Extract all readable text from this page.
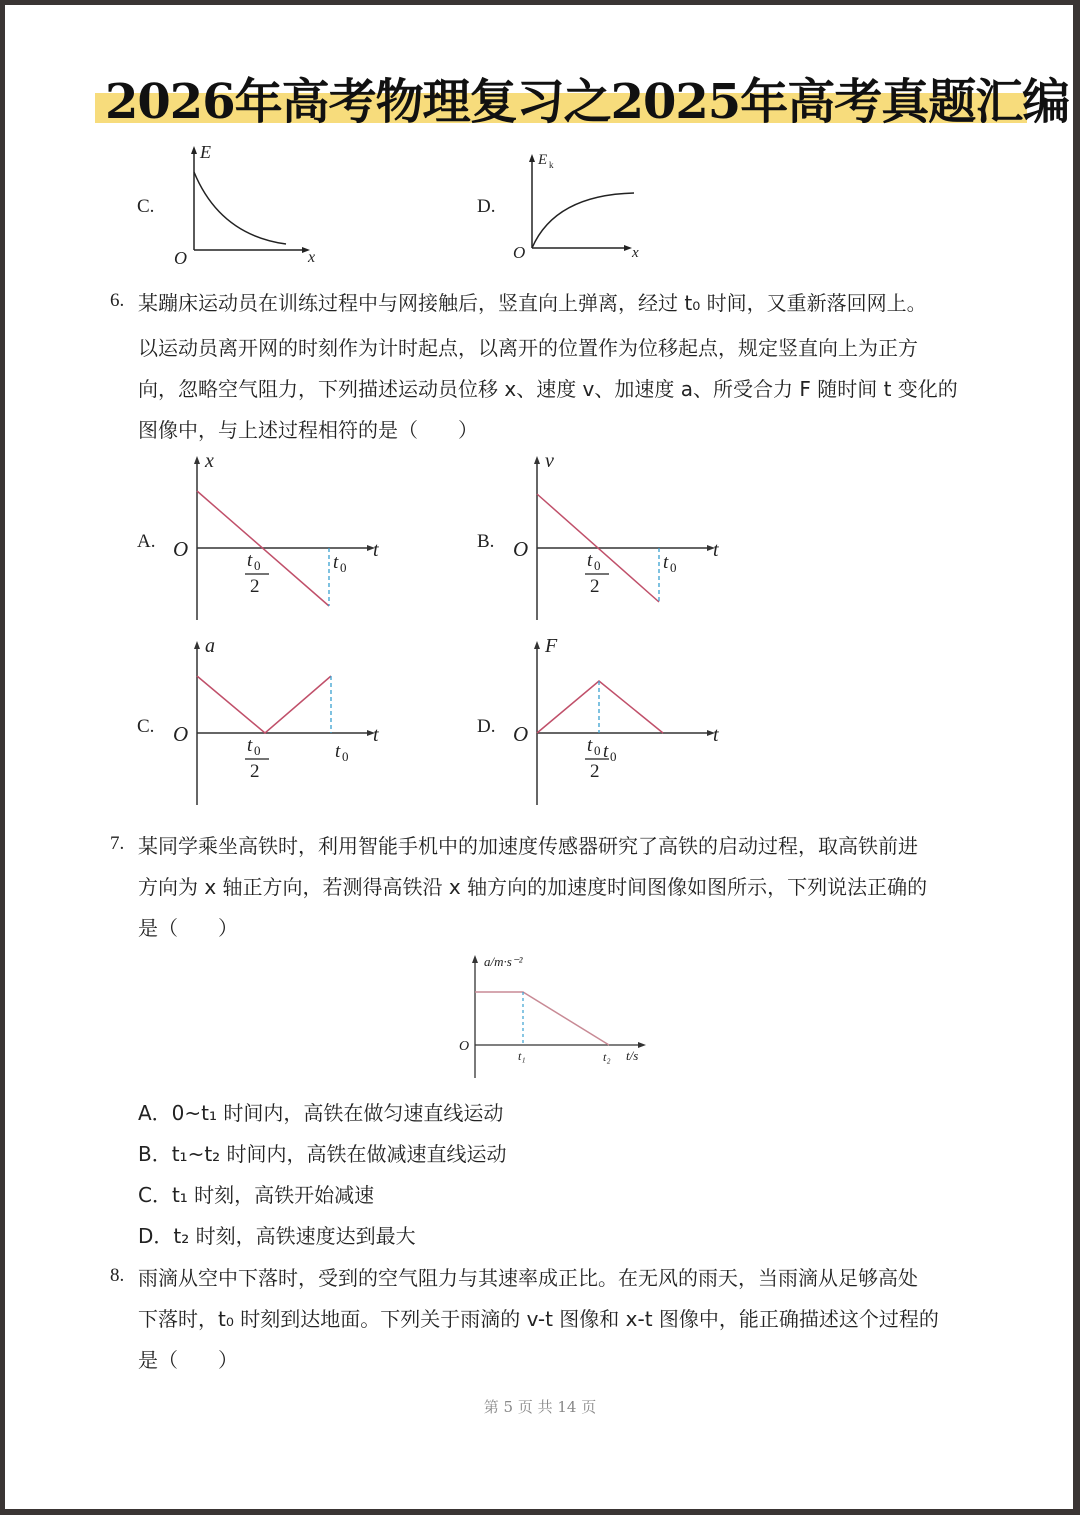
2026年高考物理复习之2025年高考真题汇编
C.
E
x
O
D.
E k
x
O
6. 某蹦床运动员在训练过程中与网接触后，竖直向上弹离，经过 t₀ 时间，又重新落回网上。
以运动员离开网的时刻作为计时起点，以离开的位置作为位移起点，规定竖直向上为正方
向，忽略空气阻力，下列描述运动员位移 x、速度 v、加速度 a、所受合力 F 随时间 t 变化的
图像中，与上述过程相符的是（　　）
A.
x
O	t
t 0
2
t 0
B.
v
O	t
t 0
2
t 0
C.
a
O	t
t 0
2
t 0
D.
F
O	t
t 0
2
t 0
7. 某同学乘坐高铁时，利用智能手机中的加速度传感器研究了高铁的启动过程，取高铁前进
方向为 x 轴正方向，若测得高铁沿 x 轴方向的加速度时间图像如图所示，下列说法正确的
是（　　）
a/m·s⁻²
O
t₁	t₂ t/s
A．0~t₁ 时间内，高铁在做匀速直线运动
B．t₁~t₂ 时间内，高铁在做减速直线运动
C．t₁ 时刻，高铁开始减速
D．t₂ 时刻，高铁速度达到最大
8. 雨滴从空中下落时，受到的空气阻力与其速率成正比。在无风的雨天，当雨滴从足够高处
下落时，t₀ 时刻到达地面。下列关于雨滴的 v-t 图像和 x-t 图像中，能正确描述这个过程的
是（　　）
第 5 页 共 14 页
